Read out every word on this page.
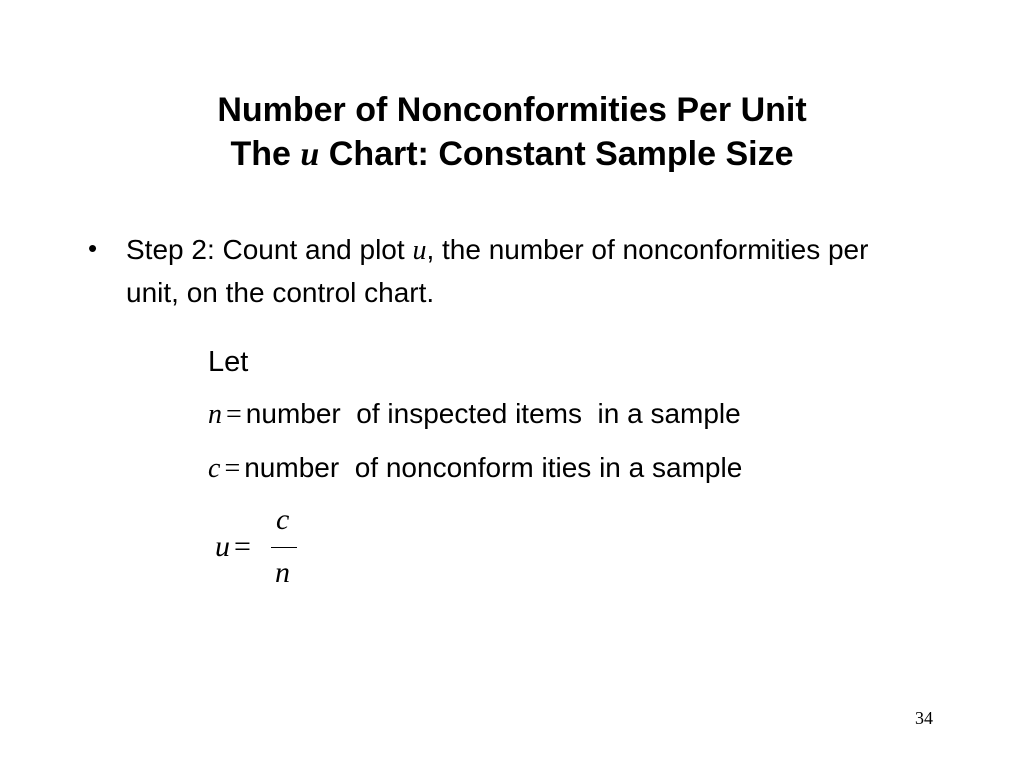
Number of Nonconformities Per Unit
The u Chart: Constant Sample Size
• Step 2: Count and plot u, the number of nonconformities per unit, on the control chart.
Let
n = number  of inspected items  in a sample
c = number  of nonconform ities in a sample
u =
c
n
34
